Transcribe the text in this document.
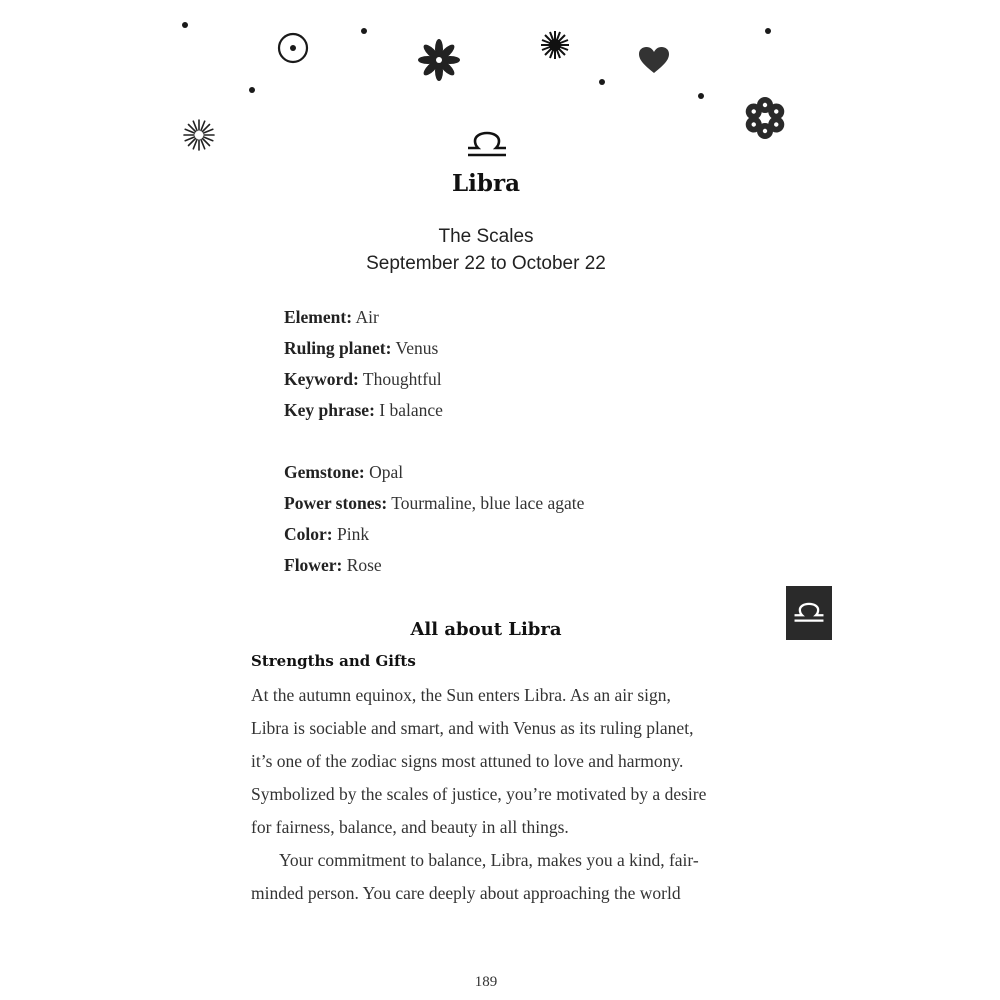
Libra
The Scales
September 22 to October 22
Element: Air
Ruling planet: Venus
Keyword: Thoughtful
Key phrase: I balance
Gemstone: Opal
Power stones: Tourmaline, blue lace agate
Color: Pink
Flower: Rose
All about Libra
Strengths and Gifts
At the autumn equinox, the Sun enters Libra. As an air sign,
Libra is sociable and smart, and with Venus as its ruling planet,
it’s one of the zodiac signs most attuned to love and harmony.
Symbolized by the scales of justice, you’re motivated by a desire
for fairness, balance, and beauty in all things.
Your commitment to balance, Libra, makes you a kind, fair-
minded person. You care deeply about approaching the world
189
